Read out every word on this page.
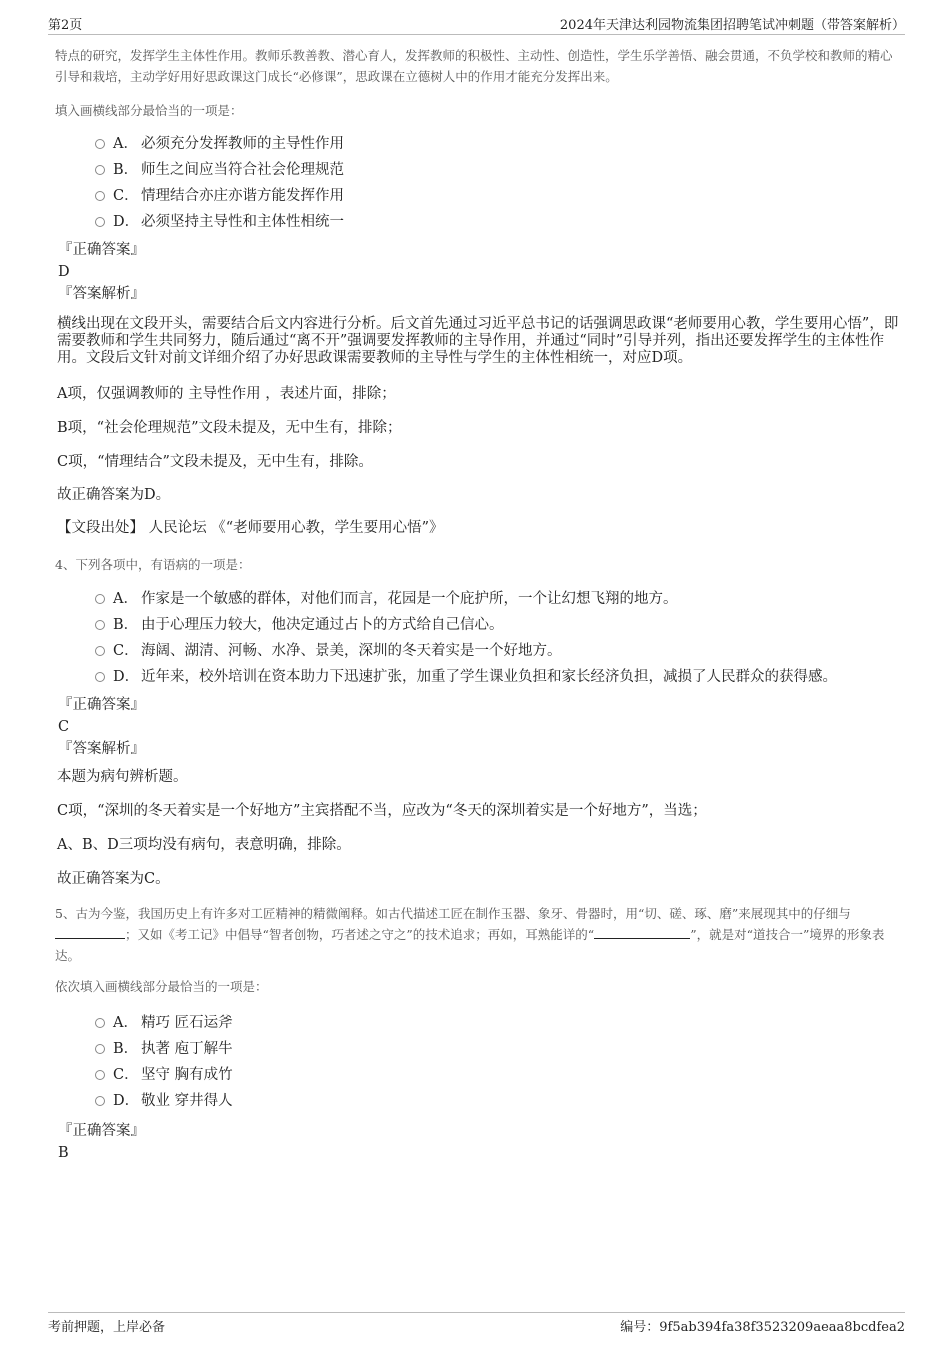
第2页	2024年天津达利园物流集团招聘笔试冲刺题（带答案解析）

特点的研究，发挥学生主体性作用。教师乐教善教、潜心育人，发挥教师的积极性、主动性、创造性，学生乐学善悟、融会贯通，不负学校和教师的精心引导和栽培，主动学好用好思政课这门成长“必修课”，思政课在立德树人中的作用才能充分发挥出来。

填入画横线部分最恰当的一项是：

A． 必须充分发挥教师的主导性作用
B． 师生之间应当符合社会伦理规范
C． 情理结合亦庄亦谐方能发挥作用
D． 必须坚持主导性和主体性相统一

『正确答案』

D

『答案解析』

横线出现在文段开头，需要结合后文内容进行分析。后文首先通过习近平总书记的话强调思政课“老师要用心教，学生要用心悟”，即需要教师和学生共同努力，随后通过“离不开”强调要发挥教师的主导作用，并通过“同时”引导并列，指出还要发挥学生的主体性作用。文段后文针对前文详细介绍了办好思政课需要教师的主导性与学生的主体性相统一，对应D项。

A项，仅强调教师的 主导性作用 ，表述片面，排除；

B项，“社会伦理规范”文段未提及，无中生有，排除；

C项，“情理结合”文段未提及，无中生有，排除。

故正确答案为D。

【文段出处】 人民论坛 《“老师要用心教，学生要用心悟”》

4、下列各项中，有语病的一项是：

A． 作家是一个敏感的群体，对他们而言，花园是一个庇护所，一个让幻想飞翔的地方。
B． 由于心理压力较大，他决定通过占卜的方式给自己信心。
C． 海阔、湖清、河畅、水净、景美，深圳的冬天着实是一个好地方。
D． 近年来，校外培训在资本助力下迅速扩张，加重了学生课业负担和家长经济负担，减损了人民群众的获得感。

『正确答案』

C

『答案解析』

本题为病句辨析题。

C项，“深圳的冬天着实是一个好地方”主宾搭配不当，应改为“冬天的深圳着实是一个好地方”，当选；

A、B、D三项均没有病句，表意明确，排除。

故正确答案为C。

5、古为今鉴，我国历史上有许多对工匠精神的精微阐释。如古代描述工匠在制作玉器、象牙、骨器时，用“切、磋、琢、磨”来展现其中的仔细与；又如《考工记》中倡导“智者创物，巧者述之守之”的技术追求；再如，耳熟能详的“	”，就是对“道技合一”境界的形象表达。

依次填入画横线部分最恰当的一项是：

A． 精巧 匠石运斧
B． 执著 庖丁解牛
C． 坚守 胸有成竹
D． 敬业 穿井得人

『正确答案』

B

考前押题，上岸必备	编号：9f5ab394fa38f3523209aeaa8bcdfea2
